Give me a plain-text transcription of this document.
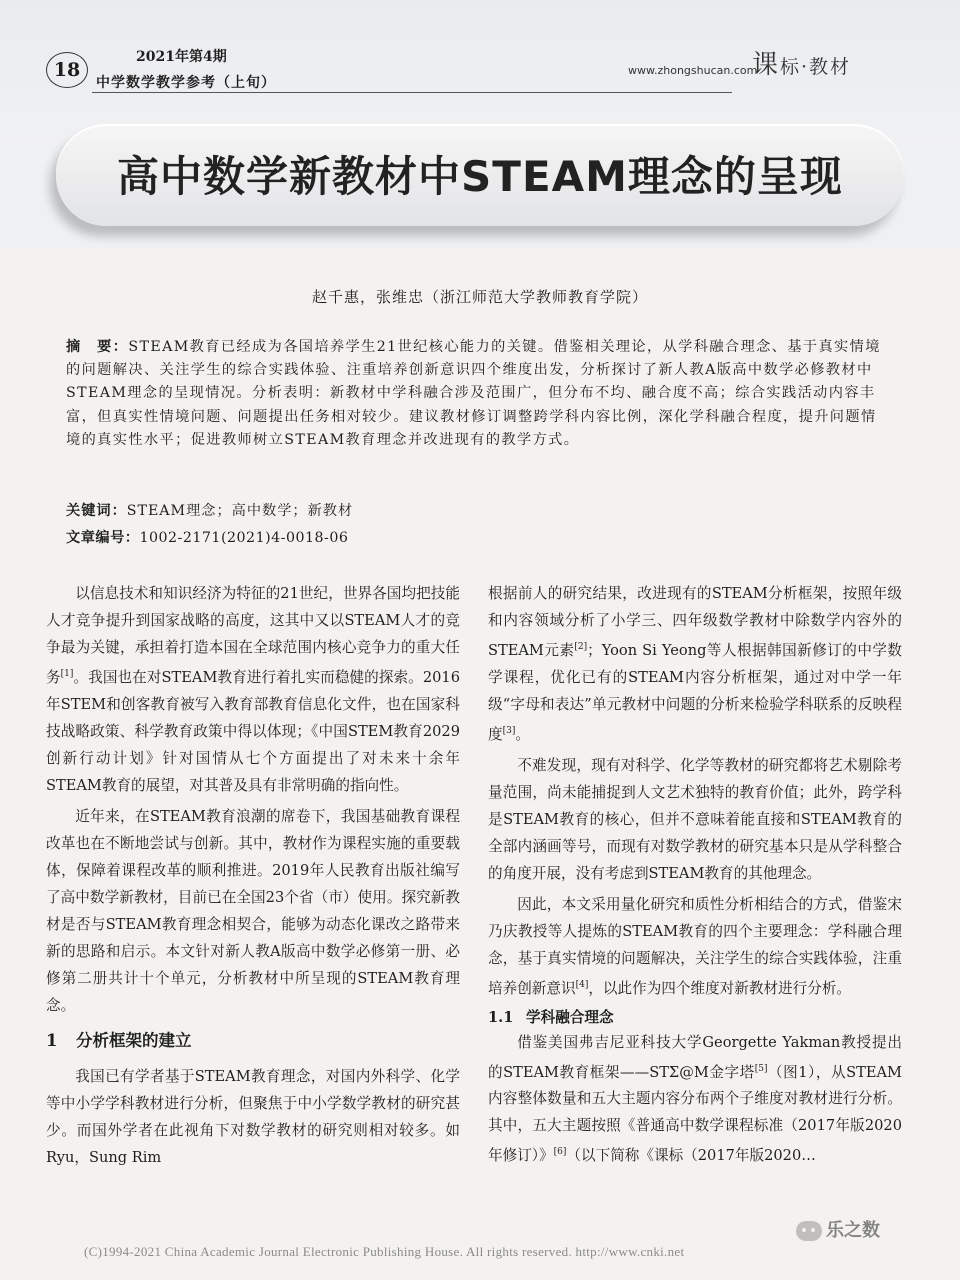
18
2021年第4期
中学数学教学参考（上旬）
www.zhongshucan.com
课标·教材
高中数学新教材中STEAM理念的呈现
赵千惠，张维忠（浙江师范大学教师教育学院）
摘　要：STEAM教育已经成为各国培养学生21世纪核心能力的关键。借鉴相关理论，从学科融合理念、基于真实情境的问题解决、关注学生的综合实践体验、注重培养创新意识四个维度出发，分析探讨了新人教A版高中数学必修教材中STEAM理念的呈现情况。分析表明：新教材中学科融合涉及范围广，但分布不均、融合度不高；综合实践活动内容丰富，但真实性情境问题、问题提出任务相对较少。建议教材修订调整跨学科内容比例，深化学科融合程度，提升问题情境的真实性水平；促进教师树立STEAM教育理念并改进现有的教学方式。
关键词：STEAM理念；高中数学；新教材
文章编号：1002-2171(2021)4-0018-06

以信息技术和知识经济为特征的21世纪，世界各国均把技能人才竞争提升到国家战略的高度，这其中又以STEAM人才的竞争最为关键，承担着打造本国在全球范围内核心竞争力的重大任务[1]。我国也在对STEAM教育进行着扎实而稳健的探索。2016年STEM和创客教育被写入教育部教育信息化文件，也在国家科技战略政策、科学教育政策中得以体现；《中国STEM教育2029创新行动计划》针对国情从七个方面提出了对未来十余年STEAM教育的展望，对其普及具有非常明确的指向性。

近年来，在STEAM教育浪潮的席卷下，我国基础教育课程改革也在不断地尝试与创新。其中，教材作为课程实施的重要载体，保障着课程改革的顺利推进。2019年人民教育出版社编写了高中数学新教材，目前已在全国23个省（市）使用。探究新教材是否与STEAM教育理念相契合，能够为动态化课改之路带来新的思路和启示。本文针对新人教A版高中数学必修第一册、必修第二册共计十个单元，分析教材中所呈现的STEAM教育理念。

1 分析框架的建立

我国已有学者基于STEAM教育理念，对国内外科学、化学等中小学学科教材进行分析，但聚焦于中小学数学教材的研究甚少。而国外学者在此视角下对数学教材的研究则相对较多。如Ryu，Sung Rim

根据前人的研究结果，改进现有的STEAM分析框架，按照年级和内容领域分析了小学三、四年级数学教材中除数学内容外的STEAM元素[2]；Yoon Si Yeong等人根据韩国新修订的中学数学课程，优化已有的STEAM内容分析框架，通过对中学一年级“字母和表达”单元教材中问题的分析来检验学科联系的反映程度[3]。

不难发现，现有对科学、化学等教材的研究都将艺术剔除考量范围，尚未能捕捉到人文艺术独特的教育价值；此外，跨学科是STEAM教育的核心，但并不意味着能直接和STEAM教育的全部内涵画等号，而现有对数学教材的研究基本只是从学科整合的角度开展，没有考虑到STEAM教育的其他理念。

因此，本文采用量化研究和质性分析相结合的方式，借鉴宋乃庆教授等人提炼的STEAM教育的四个主要理念：学科融合理念，基于真实情境的问题解决，关注学生的综合实践体验，注重培养创新意识[4]，以此作为四个维度对新教材进行分析。

1.1 学科融合理念

借鉴美国弗吉尼亚科技大学Georgette Yakman教授提出的STEAM教育框架——STΣ@M金字塔[5]（图1），从STEAM内容整体数量和五大主题内容分布两个子维度对教材进行分析。其中，五大主题按照《普通高中数学课程标准（2017年版2020年修订）》[6]（以下简称《课标（2017年版2020…

(C)1994-2021 China Academic Journal Electronic Publishing House. All rights reserved. http://www.cnki.net
乐之数
